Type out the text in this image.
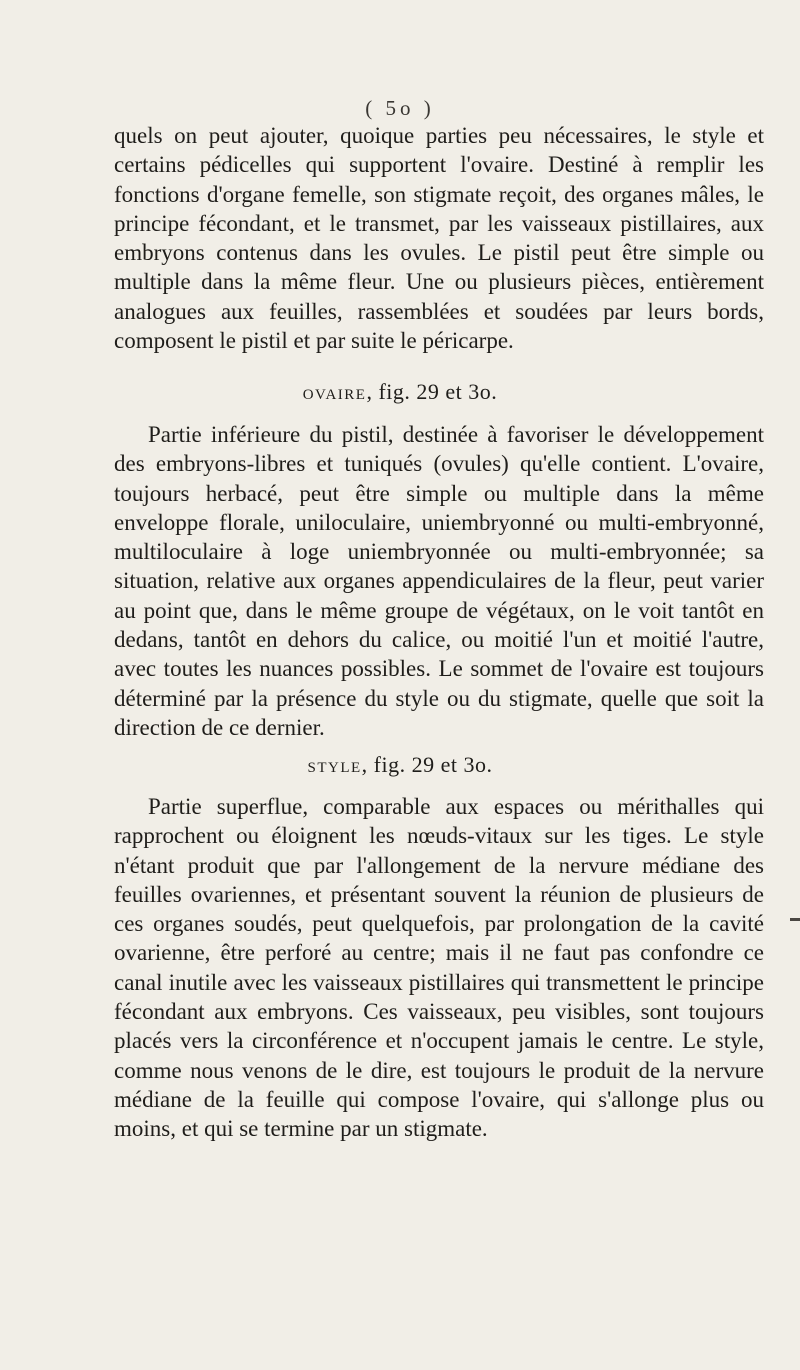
( 5o )

quels on peut ajouter, quoique parties peu nécessaires, le style et certains pédicelles qui supportent l'ovaire. Destiné à remplir les fonctions d'organe femelle, son stigmate reçoit, des organes mâles, le principe fécondant, et le transmet, par les vaisseaux pistillaires, aux embryons contenus dans les ovules. Le pistil peut être simple ou multiple dans la même fleur. Une ou plusieurs pièces, entièrement analogues aux feuilles, rassemblées et soudées par leurs bords, composent le pistil et par suite le péricarpe.

OVAIRE, fig. 29 et 3o.

Partie inférieure du pistil, destinée à favoriser le développement des embryons-libres et tuniqués (ovules) qu'elle contient. L'ovaire, toujours herbacé, peut être simple ou multiple dans la même enveloppe florale, uniloculaire, uniembryonné ou multi-embryonné, multiloculaire à loge uniembryonnée ou multi-embryonnée; sa situation, relative aux organes appendiculaires de la fleur, peut varier au point que, dans le même groupe de végétaux, on le voit tantôt en dedans, tantôt en dehors du calice, ou moitié l'un et moitié l'autre, avec toutes les nuances possibles. Le sommet de l'ovaire est toujours déterminé par la présence du style ou du stigmate, quelle que soit la direction de ce dernier.

STYLE, fig. 29 et 3o.

Partie superflue, comparable aux espaces ou mérithalles qui rapprochent ou éloignent les nœuds-vitaux sur les tiges. Le style n'étant produit que par l'allongement de la nervure médiane des feuilles ovariennes, et présentant souvent la réunion de plusieurs de ces organes soudés, peut quelquefois, par prolongation de la cavité ovarienne, être perforé au centre; mais il ne faut pas confondre ce canal inutile avec les vaisseaux pistillaires qui transmettent le principe fécondant aux embryons. Ces vaisseaux, peu visibles, sont toujours placés vers la circonférence et n'occupent jamais le centre. Le style, comme nous venons de le dire, est toujours le produit de la nervure médiane de la feuille qui compose l'ovaire, qui s'allonge plus ou moins, et qui se termine par un stigmate.
